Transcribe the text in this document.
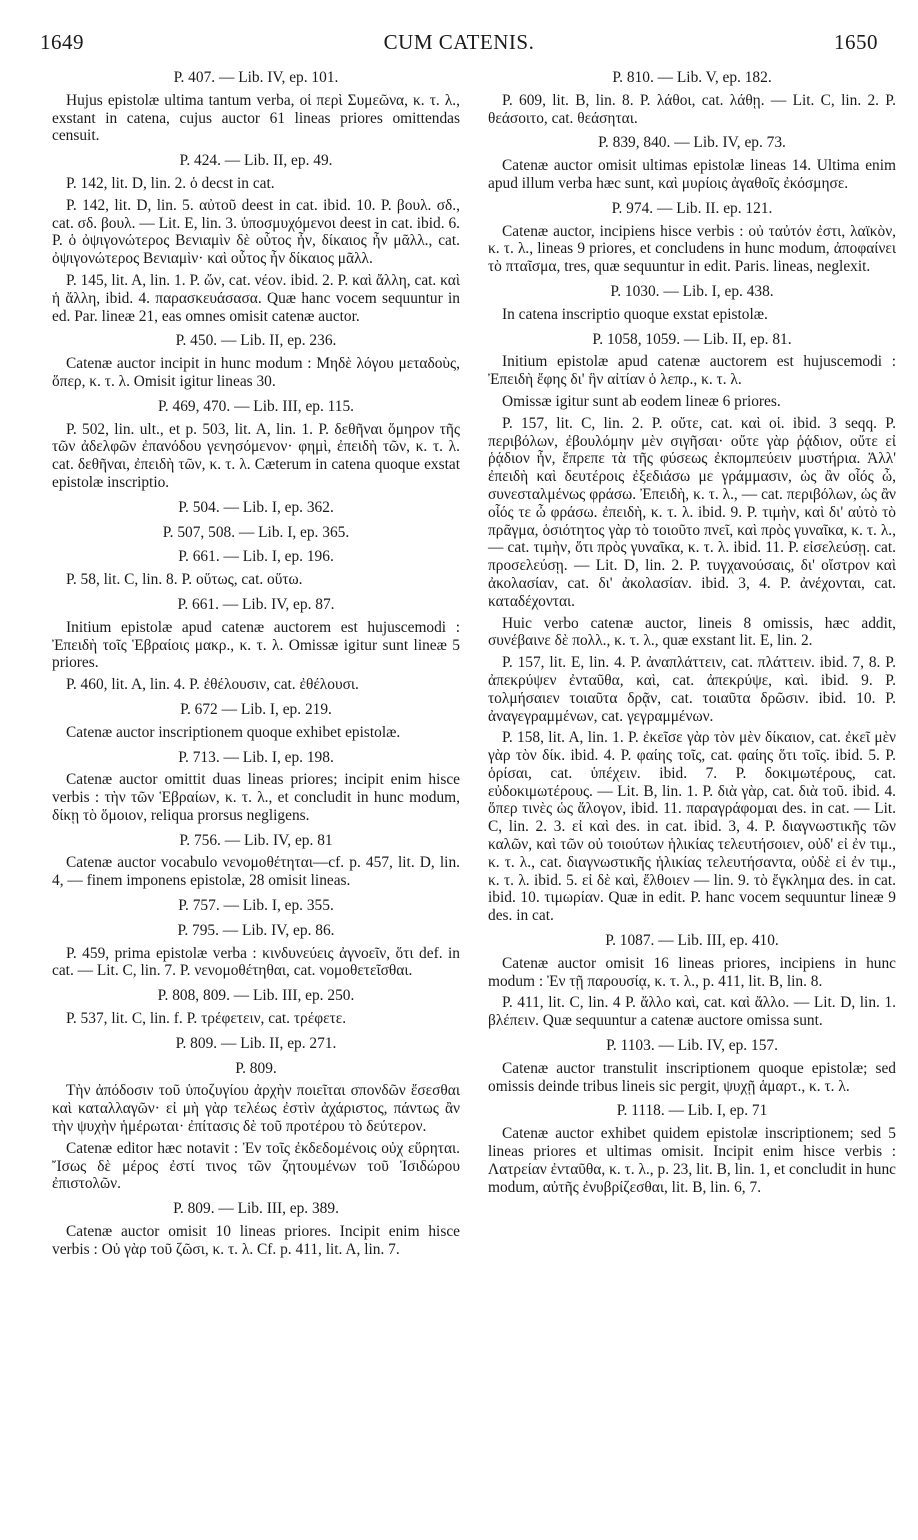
1649	CUM CATENIS.	1650

P. 407. — Lib. IV, ep. 101.

Hujus epistolæ ultima tantum verba, οἱ περὶ Συμεῶνα, κ. τ. λ., exstant in catena, cujus auctor 61 lineas priores omittendas censuit.

P. 424. — Lib. II, ep. 49.

P. 142, lit. D, lin. 2. ὁ decst in cat.

P. 142, lit. D, lin. 5. αὐτοῦ deest in cat. ibid. 10. P. βουλ. σδ., cat. σδ. βουλ. — Lit. E, lin. 3. ὑποσμυχόμενοι deest in cat. ibid. 6. P. ὁ ὀψιγονώτερος Βενιαμὶν δὲ οὗτος ἦν, δίκαιος ἦν μᾶλλ., cat. ὀψιγονώτερος Βενιαμὶν· καὶ οὗτος ἦν δίκαιος μᾶλλ.

P. 145, lit. A, lin. 1. P. ὤν, cat. νέον. ibid. 2. P. καὶ ἄλλη, cat. καὶ ἡ ἄλλη, ibid. 4. παρασκευάσασα. Quæ hanc vocem sequuntur in ed. Par. lineæ 21, eas omnes omisit catenæ auctor.

P. 450. — Lib. II, ep. 236.

Catenæ auctor incipit in hunc modum : Μηδὲ λόγου μεταδοὺς, ὅπερ, κ. τ. λ. Omisit igitur lineas 30.

P. 469, 470. — Lib. III, ep. 115.

P. 502, lin. ult., et p. 503, lit. A, lin. 1. P. δεθῆναι ὅμηρον τῆς τῶν ἀδελφῶν ἐπανόδου γενησόμενον· φημὶ, ἐπειδὴ τῶν, κ. τ. λ. cat. δεθῆναι, ἐπειδὴ τῶν, κ. τ. λ. Cæterum in catena quoque exstat epistolæ inscriptio.

P. 504. — Lib. I, ep. 362.

P. 507, 508. — Lib. I, ep. 365.

P. 661. — Lib. I, ep. 196.

P. 58, lit. C, lin. 8. P. οὕτως, cat. οὕτω.

P. 661. — Lib. IV, ep. 87.

Initium epistolæ apud catenæ auctorem est hujuscemodi : Ἐπειδὴ τοῖς Ἑβραίοις μακρ., κ. τ. λ. Omissæ igitur sunt lineæ 5 priores.

P. 460, lit. A, lin. 4. P. ἐθέλουσιν, cat. ἐθέλουσι.

P. 672 — Lib. I, ep. 219.

Catenæ auctor inscriptionem quoque exhibet epistolæ.

P. 713. — Lib. I, ep. 198.

Catenæ auctor omittit duas lineas priores; incipit enim hisce verbis : τὴν τῶν Ἑβραίων, κ. τ. λ., et concludit in hunc modum, δίκῃ τὸ ὅμοιον, reliqua prorsus negligens.

P. 756. — Lib. IV, ep. 81

Catenæ auctor vocabulo νενομοθέτηται—cf. p. 457, lit. D, lin. 4, — finem imponens epistolæ, 28 omisit lineas.

P. 757. — Lib. I, ep. 355.

P. 795. — Lib. IV, ep. 86.

P. 459, prima epistolæ verba : κινδυνεύεις ἀγνοεῖν, ὅτι def. in cat. — Lit. C, lin. 7. P. νενομοθέτηθαι, cat. νομοθετεῖσθαι.

P. 808, 809. — Lib. III, ep. 250.

P. 537, lit. C, lin. f. P. τρέφετειν, cat. τρέφετε.

P. 809. — Lib. II, ep. 271.

P. 809.

Τὴν ἀπόδοσιν τοῦ ὑποζυγίου ἀρχὴν ποιεῖται σπονδῶν ἔσεσθαι καὶ καταλλαγῶν· εἰ μὴ γὰρ τελέως ἐστὶν ἀχάριστος, πάντως ἂν τὴν ψυχὴν ἡμέρωται· ἐπίτασις δὲ τοῦ προτέρου τὸ δεύτερον.

Catenæ editor hæc notavit : Ἐν τοῖς ἐκδεδομένοις οὐχ εὕρηται. Ἴσως δὲ μέρος ἐστί τινος τῶν ζητουμένων τοῦ Ἰσιδώρου ἐπιστολῶν.

P. 809. — Lib. III, ep. 389.

Catenæ auctor omisit 10 lineas priores. Incipit enim hisce verbis : Οὐ γὰρ τοῦ ζῶσι, κ. τ. λ. Cf. p. 411, lit. A, lin. 7.

P. 810. — Lib. V, ep. 182.

P. 609, lit. B, lin. 8. P. λάθοι, cat. λάθῃ. — Lit. C, lin. 2. P. θεάσοιτο, cat. θεάσηται.

P. 839, 840. — Lib. IV, ep. 73.

Catenæ auctor omisit ultimas epistolæ lineas 14. Ultima enim apud illum verba hæc sunt, καὶ μυρίοις ἀγαθοῖς ἐκόσμησε.

P. 974. — Lib. II. ep. 121.

Catenæ auctor, incipiens hisce verbis : οὐ ταὐτόν ἐστι, λαϊκὸν, κ. τ. λ., lineas 9 priores, et concludens in hunc modum, ἀποφαίνει τὸ πταῖσμα, tres, quæ sequuntur in edit. Paris. lineas, neglexit.

P. 1030. — Lib. I, ep. 438.

In catena inscriptio quoque exstat epistolæ.

P. 1058, 1059. — Lib. II, ep. 81.

Initium epistolæ apud catenæ auctorem est hujuscemodi : Ἐπειδὴ ἔφης δι' ἣν αἰτίαν ὁ λεπρ., κ. τ. λ.

Omissæ igitur sunt ab eodem lineæ 6 priores.

P. 157, lit. C, lin. 2. P. οὔτε, cat. καὶ οἱ. ibid. 3 seqq. P. περιβόλων, ἐβουλόμην μὲν σιγῆσαι· οὔτε γὰρ ῥᾴδιον, οὔτε εἰ ῥᾴδιον ἦν, ἔπρεπε τὰ τῆς φύσεως ἐκπομπεύειν μυστήρια. Ἀλλ' ἐπειδὴ καὶ δευτέροις ἐξεδιάσω με γράμμασιν, ὡς ἂν οἷός ὦ, συνεσταλμένως φράσω. Ἐπειδὴ, κ. τ. λ., — cat. περιβόλων, ὡς ἂν οἷός τε ὦ φράσω. ἐπειδὴ, κ. τ. λ. ibid. 9. P. τιμὴν, καὶ δι' αὐτὸ τὸ πρᾶγμα, ὁσιότητος γὰρ τὸ τοιοῦτο πνεῖ, καὶ πρὸς γυναῖκα, κ. τ. λ., — cat. τιμὴν, ὅτι πρὸς γυναῖκα, κ. τ. λ. ibid. 11. P. εἰσελεύσῃ. cat. προσελεύσῃ. — Lit. D, lin. 2. P. τυγχανούσαις, δι' οἴστρον καὶ ἀκολασίαν, cat. δι' ἀκολασίαν. ibid. 3, 4. P. ἀνέχονται, cat. καταδέχονται.

Huic verbo catenæ auctor, lineis 8 omissis, hæc addit, συνέβαινε δὲ πολλ., κ. τ. λ., quæ exstant lit. E, lin. 2.

P. 157, lit. E, lin. 4. P. ἀναπλάττειν, cat. πλάττειν. ibid. 7, 8. P. ἀπεκρύψεν ἐνταῦθα, καὶ, cat. ἀπεκρύψε, καὶ. ibid. 9. P. τολμήσαιεν τοιαῦτα δρᾷν, cat. τοιαῦτα δρῶσιν. ibid. 10. P. ἀναγεγραμμένων, cat. γεγραμμένων.

P. 158, lit. A, lin. 1. P. ἐκεῖσε γὰρ τὸν μὲν δίκαιον, cat. ἐκεῖ μὲν γὰρ τὸν δίκ. ibid. 4. P. φαίης τοῖς, cat. φαίης ὅτι τοῖς. ibid. 5. P. ὁρίσαι, cat. ὑπέχειν. ibid. 7. P. δοκιμωτέρους, cat. εὐδοκιμωτέρους. — Lit. B, lin. 1. P. διὰ γὰρ, cat. διὰ τοῦ. ibid. 4. ὅπερ τινὲς ὡς ἄλογον, ibid. 11. παραγράφομαι des. in cat. — Lit. C, lin. 2. 3. εἰ καὶ des. in cat. ibid. 3, 4. P. διαγνωστικῆς τῶν καλῶν, καὶ τῶν οὐ τοιούτων ἡλικίας τελευτήσοιεν, οὐδ' εἰ ἐν τιμ., κ. τ. λ., cat. διαγνωστικῆς ἡλικίας τελευτήσαντα, οὐδὲ εἰ ἐν τιμ., κ. τ. λ. ibid. 5. εἰ δὲ καὶ, ἔλθοιεν — lin. 9. τὸ ἔγκλημα des. in cat. ibid. 10. τιμωρίαν. Quæ in edit. P. hanc vocem sequuntur lineæ 9 des. in cat.

P. 1087. — Lib. III, ep. 410.

Catenæ auctor omisit 16 lineas priores, incipiens in hunc modum : Ἐν τῇ παρουσίᾳ, κ. τ. λ., p. 411, lit. B, lin. 8.

P. 411, lit. C, lin. 4 P. ἄλλο καὶ, cat. καὶ ἄλλο. — Lit. D, lin. 1. βλέπειν. Quæ sequuntur a catenæ auctore omissa sunt.

P. 1103. — Lib. IV, ep. 157.

Catenæ auctor transtulit inscriptionem quoque epistolæ; sed omissis deinde tribus lineis sic pergit, ψυχῇ ἁμαρτ., κ. τ. λ.

P. 1118. — Lib. I, ep. 71

Catenæ auctor exhibet quidem epistolæ inscriptionem; sed 5 lineas priores et ultimas omisit. Incipit enim hisce verbis : Λατρείαν ἐνταῦθα, κ. τ. λ., p. 23, lit. B, lin. 1, et concludit in hunc modum, αὐτῆς ἐνυβρίζεσθαι, lit. B, lin. 6, 7.
